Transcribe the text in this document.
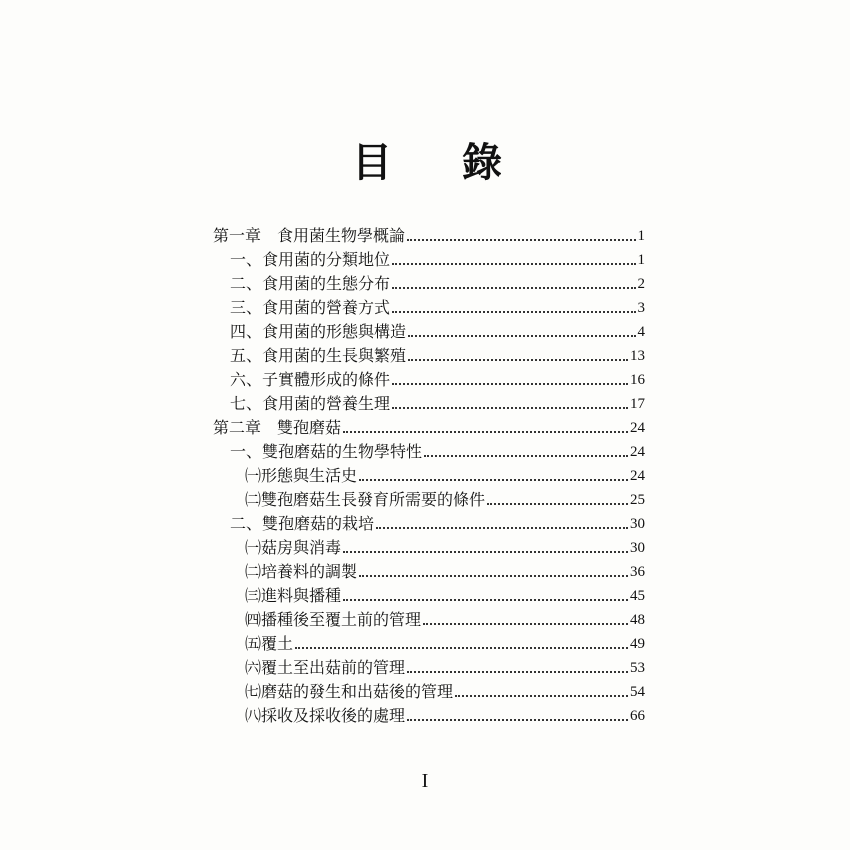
目 錄
第一章　食用菌生物學概論	1
一、食用菌的分類地位	1
二、食用菌的生態分布	2
三、食用菌的營養方式	3
四、食用菌的形態與構造	4
五、食用菌的生長與繁殖	13
六、子實體形成的條件	16
七、食用菌的營養生理	17
第二章　雙孢磨菇	24
一、雙孢磨菇的生物學特性	24
㈠形態與生活史	24
㈡雙孢磨菇生長發育所需要的條件	25
二、雙孢磨菇的栽培	30
㈠菇房與消毒	30
㈡培養料的調製	36
㈢進料與播種	45
㈣播種後至覆土前的管理	48
㈤覆土	49
㈥覆土至出菇前的管理	53
㈦磨菇的發生和出菇後的管理	54
㈧採收及採收後的處理	66
I
